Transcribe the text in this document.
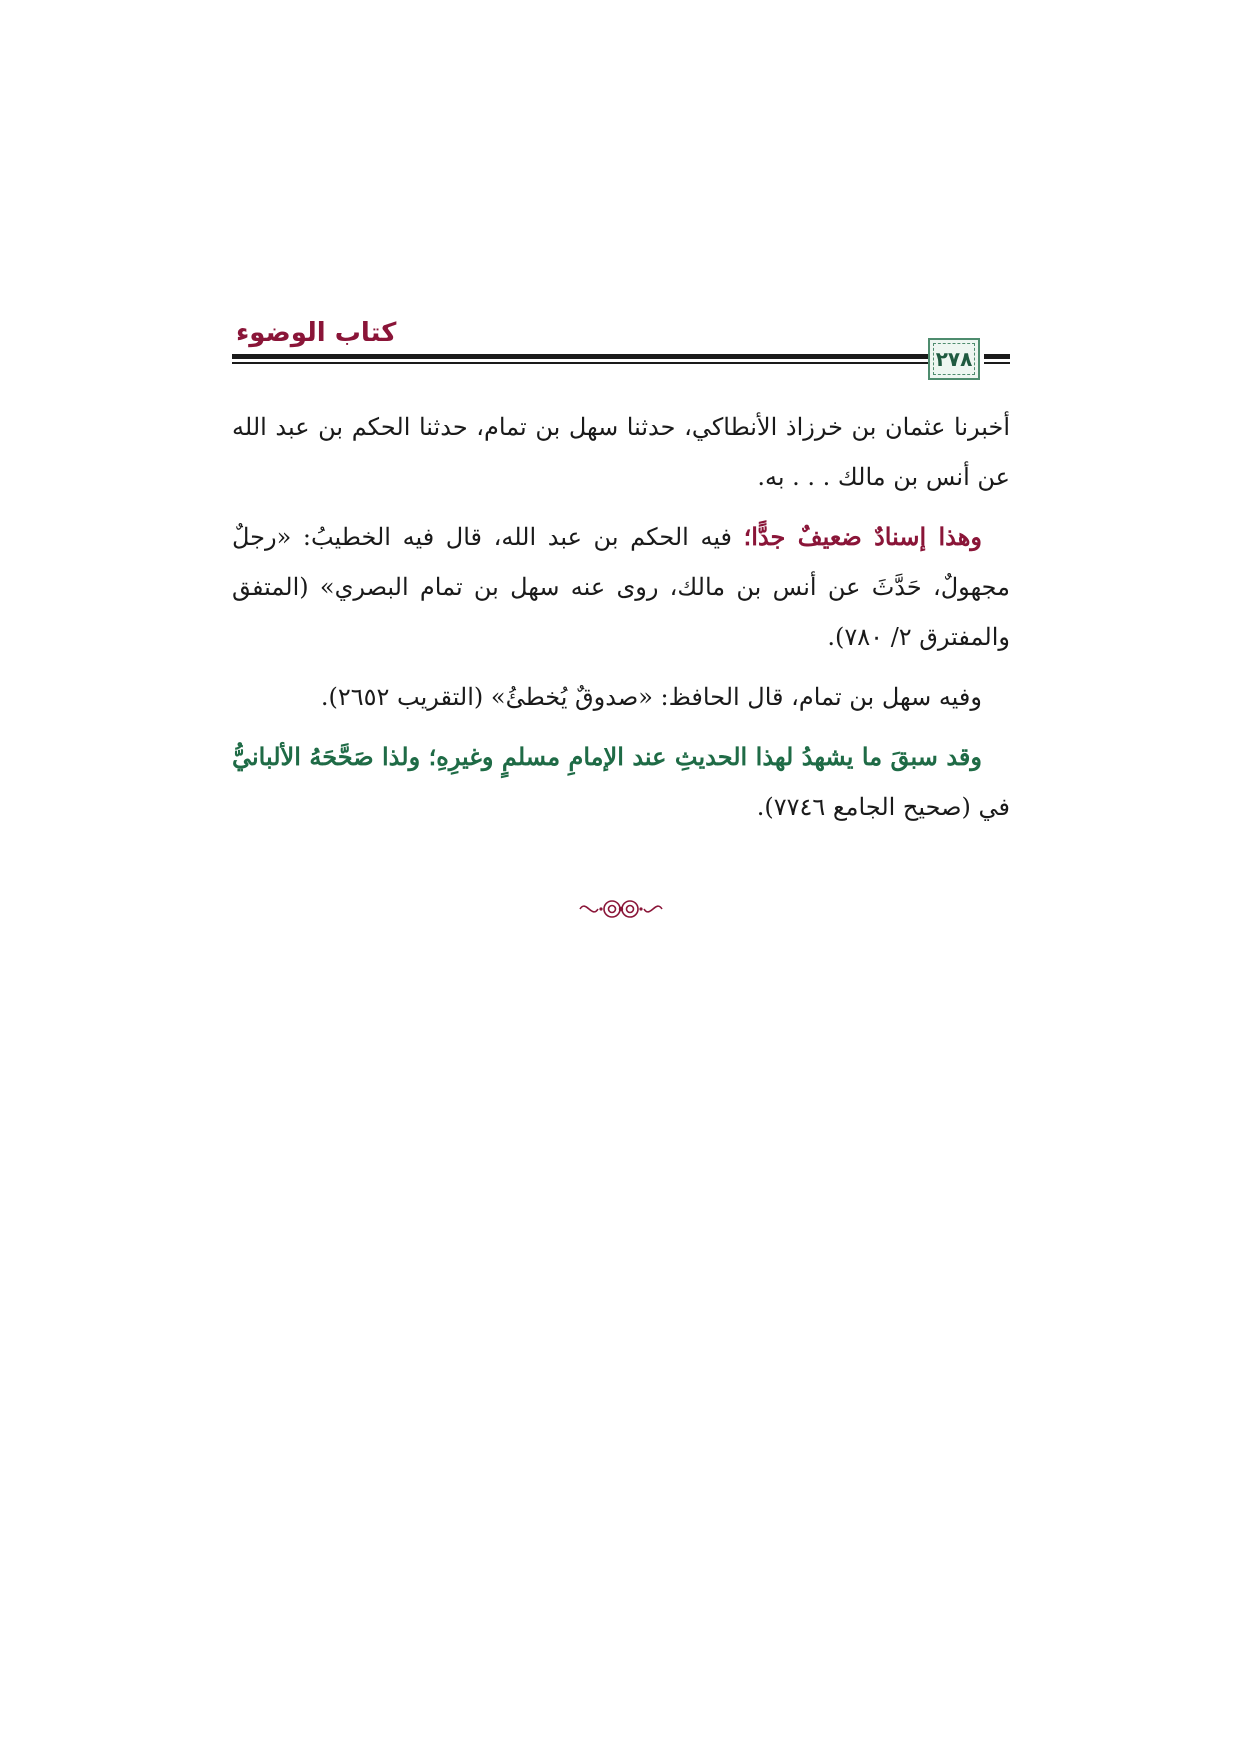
كتاب الوضوء
٢٧٨

أخبرنا عثمان بن خرزاذ الأنطاكي، حدثنا سهل بن تمام، حدثنا الحكم بن عبد الله عن أنس بن مالك . . . به.

وهذا إسنادٌ ضعيفٌ جدًّا؛ فيه الحكم بن عبد الله، قال فيه الخطيبُ: «رجلٌ مجهولٌ، حَدَّثَ عن أنس بن مالك، روى عنه سهل بن تمام البصري» (المتفق والمفترق ٢/ ٧٨٠).

وفيه سهل بن تمام، قال الحافظ: «صدوقٌ يُخطئُ» (التقريب ٢٦٥٢).

وقد سبقَ ما يشهدُ لهذا الحديثِ عند الإمامِ مسلمٍ وغيرِهِ؛ ولذا صَحَّحَهُ الألبانيُّ في (صحيح الجامع ٧٧٤٦).
